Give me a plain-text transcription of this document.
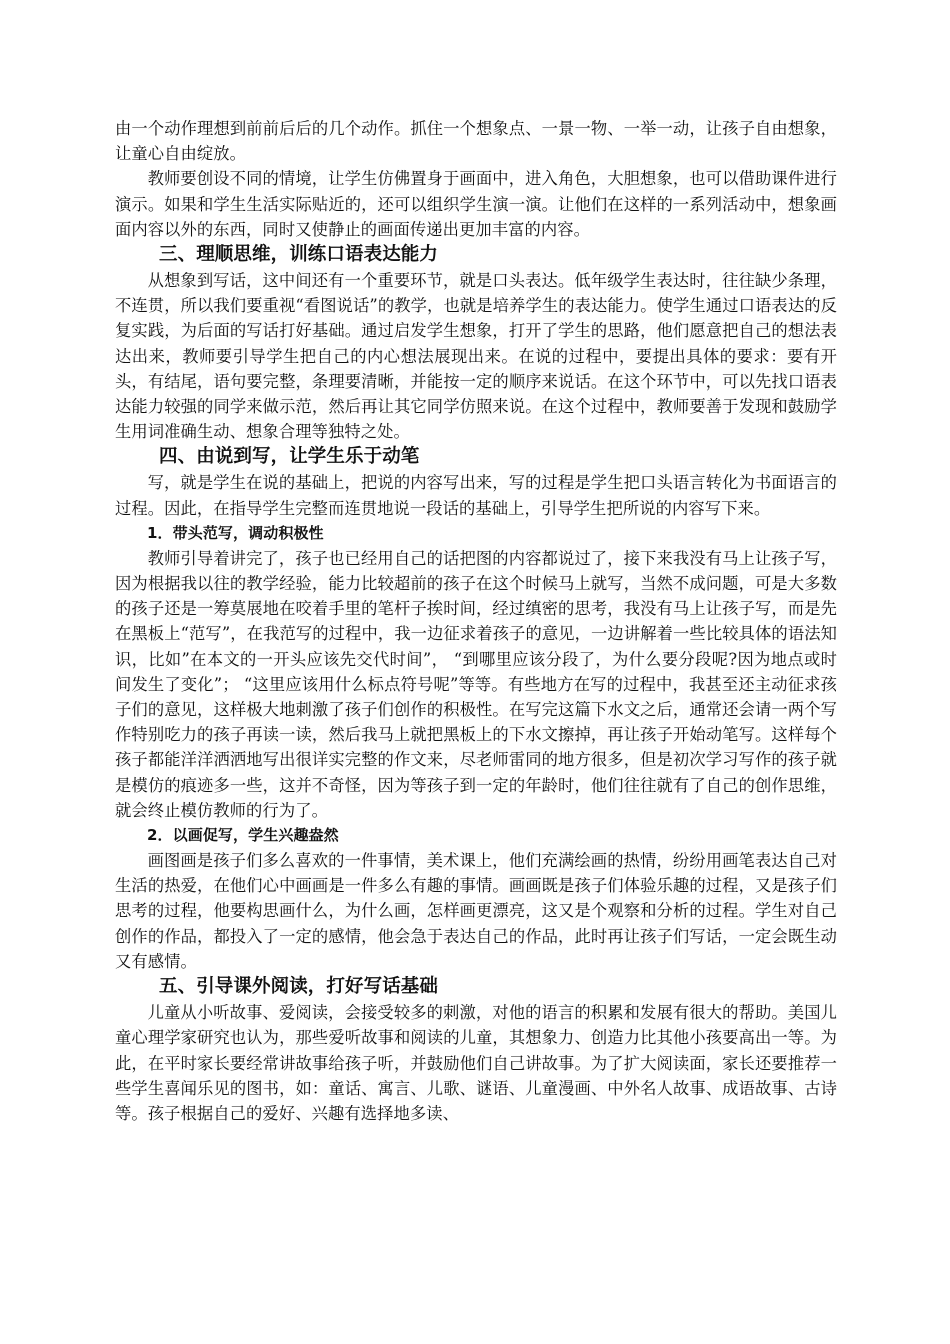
由一个动作理想到前前后后的几个动作。抓住一个想象点、一景一物、一举一动，让孩子自由想象，让童心自由绽放。

教师要创设不同的情境，让学生仿佛置身于画面中，进入角色，大胆想象，也可以借助课件进行演示。如果和学生生活实际贴近的，还可以组织学生演一演。让他们在这样的一系列活动中，想象画面内容以外的东西，同时又使静止的画面传递出更加丰富的内容。

三、理顺思维，训练口语表达能力

从想象到写话，这中间还有一个重要环节，就是口头表达。低年级学生表达时，往往缺少条理，不连贯，所以我们要重视“看图说话”的教学，也就是培养学生的表达能力。使学生通过口语表达的反复实践，为后面的写话打好基础。通过启发学生想象，打开了学生的思路，他们愿意把自己的想法表达出来，教师要引导学生把自己的内心想法展现出来。在说的过程中，要提出具体的要求：要有开头，有结尾，语句要完整，条理要清晰，并能按一定的顺序来说话。在这个环节中，可以先找口语表达能力较强的同学来做示范，然后再让其它同学仿照来说。在这个过程中，教师要善于发现和鼓励学生用词准确生动、想象合理等独特之处。

四、由说到写，让学生乐于动笔

写，就是学生在说的基础上，把说的内容写出来，写的过程是学生把口头语言转化为书面语言的过程。因此，在指导学生完整而连贯地说一段话的基础上，引导学生把所说的内容写下来。

1．带头范写，调动积极性

教师引导着讲完了，孩子也已经用自己的话把图的内容都说过了，接下来我没有马上让孩子写，因为根据我以往的教学经验，能力比较超前的孩子在这个时候马上就写，当然不成问题，可是大多数的孩子还是一筹莫展地在咬着手里的笔杆子挨时间，经过缜密的思考，我没有马上让孩子写，而是先在黑板上“范写”，在我范写的过程中，我一边征求着孩子的意见，一边讲解着一些比较具体的语法知识，比如”在本文的一开头应该先交代时间”， “到哪里应该分段了，为什么要分段呢?因为地点或时间发生了变化”； “这里应该用什么标点符号呢”等等。有些地方在写的过程中，我甚至还主动征求孩子们的意见，这样极大地刺激了孩子们创作的积极性。在写完这篇下水文之后，通常还会请一两个写作特别吃力的孩子再读一读，然后我马上就把黑板上的下水文擦掉，再让孩子开始动笔写。这样每个孩子都能洋洋洒洒地写出很详实完整的作文来，尽老师雷同的地方很多，但是初次学习写作的孩子就是模仿的痕迹多一些，这并不奇怪，因为等孩子到一定的年龄时，他们往往就有了自己的创作思维，就会终止模仿教师的行为了。

2．以画促写，学生兴趣盎然

画图画是孩子们多么喜欢的一件事情，美术课上，他们充满绘画的热情，纷纷用画笔表达自己对生活的热爱，在他们心中画画是一件多么有趣的事情。画画既是孩子们体验乐趣的过程，又是孩子们思考的过程，他要构思画什么，为什么画，怎样画更漂亮，这又是个观察和分析的过程。学生对自己创作的作品，都投入了一定的感情，他会急于表达自己的作品，此时再让孩子们写话，一定会既生动又有感情。

五、引导课外阅读，打好写话基础

儿童从小听故事、爱阅读，会接受较多的刺激，对他的语言的积累和发展有很大的帮助。美国儿童心理学家研究也认为，那些爱听故事和阅读的儿童，其想象力、创造力比其他小孩要高出一等。为此，在平时家长要经常讲故事给孩子听，并鼓励他们自己讲故事。为了扩大阅读面，家长还要推荐一些学生喜闻乐见的图书，如：童话、寓言、儿歌、谜语、儿童漫画、中外名人故事、成语故事、古诗等。孩子根据自己的爱好、兴趣有选择地多读、
